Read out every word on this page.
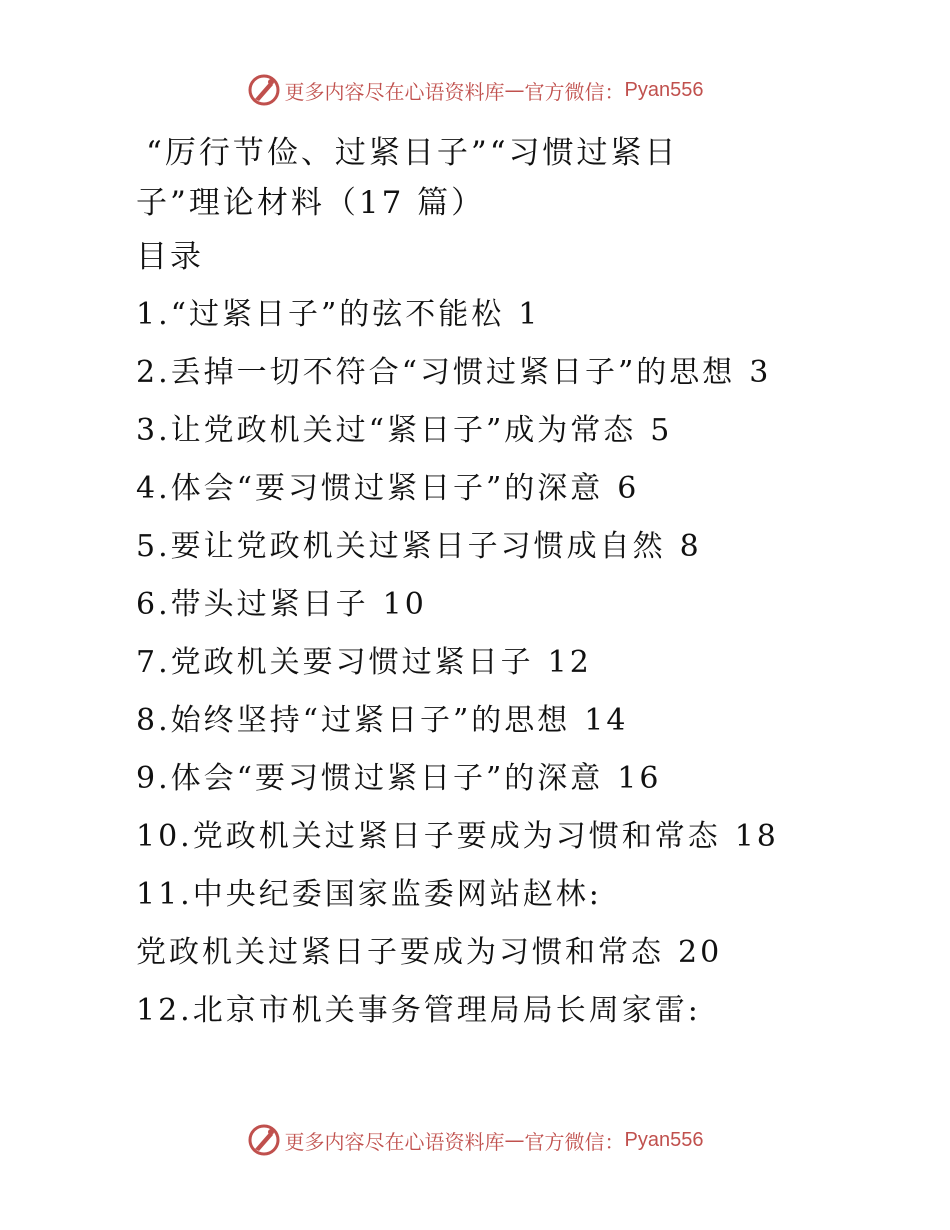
更多内容尽在心语资料库 — 官方微信： Pyan556
“厉行节俭、过紧日子”“习惯过紧日
子”理论材料（17 篇）
目录
1.“过紧日子”的弦不能松 1
2.丢掉一切不符合“习惯过紧日子”的思想 3
3.让党政机关过“紧日子”成为常态 5
4.体会“要习惯过紧日子”的深意 6
5.要让党政机关过紧日子习惯成自然 8
6.带头过紧日子 10
7.党政机关要习惯过紧日子 12
8.始终坚持“过紧日子”的思想 14
9.体会“要习惯过紧日子”的深意 16
10.党政机关过紧日子要成为习惯和常态 18
11.中央纪委国家监委网站赵林:
党政机关过紧日子要成为习惯和常态 20
12.北京市机关事务管理局局长周家雷:
更多内容尽在心语资料库 — 官方微信： Pyan556
